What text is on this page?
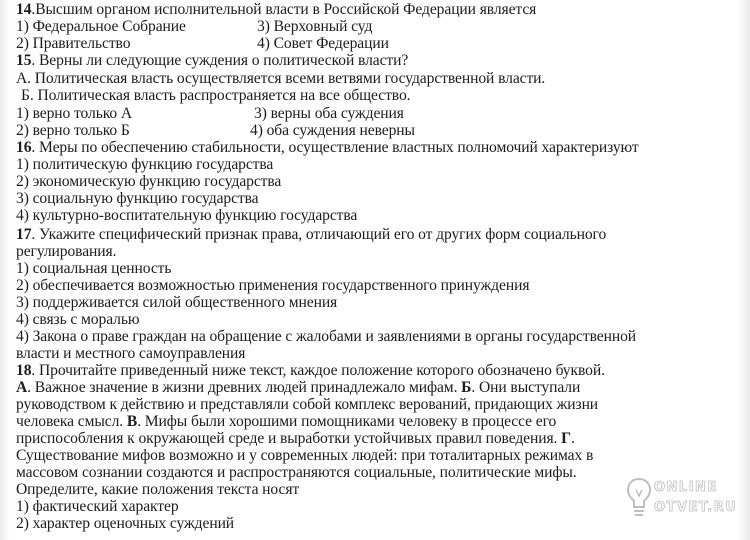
14.Высшим органом исполнительной власти в Российской Федерации является
1) Федеральное Собрание	3) Верховный суд
2) Правительство	4) Совет Федерации
15. Верны ли следующие суждения о политической власти?
А. Политическая власть осуществляется всеми ветвями государственной власти.
Б. Политическая власть распространяется на все общество.
1) верно только А	3) верны оба суждения
2) верно только Б	4) оба суждения неверны
16. Меры по обеспечению стабильности, осуществление властных полномочий характеризуют
1) политическую функцию государства
2) экономическую функцию государства
3) социальную функцию государства
4) культурно-воспитательную функцию государства
17. Укажите специфический признак права, отличающий его от других форм социального
регулирования.
1) социальная ценность
2) обеспечивается возможностью применения государственного принуждения
3) поддерживается силой общественного мнения
4) связь с моралью
4) Закона о праве граждан на обращение с жалобами и заявлениями в органы государственной
власти и местного самоуправления
18. Прочитайте приведенный ниже текст, каждое положение которого обозначено буквой.
А. Важное значение в жизни древних людей принадлежало мифам. Б. Они выступали
руководством к действию и представляли собой комплекс верований, придающих жизни
человека смысл. В. Мифы были хорошими помощниками человеку в процессе его
приспособления к окружающей среде и выработки устойчивых правил поведения. Г.
Существование мифов возможно и у современных людей: при тоталитарных режимах в
массовом сознании создаются и распространяются социальные, политические мифы.
Определите, какие положения текста носят
1) фактический характер
2) характер оценочных суждений
ONLINE
OTVET.RU
